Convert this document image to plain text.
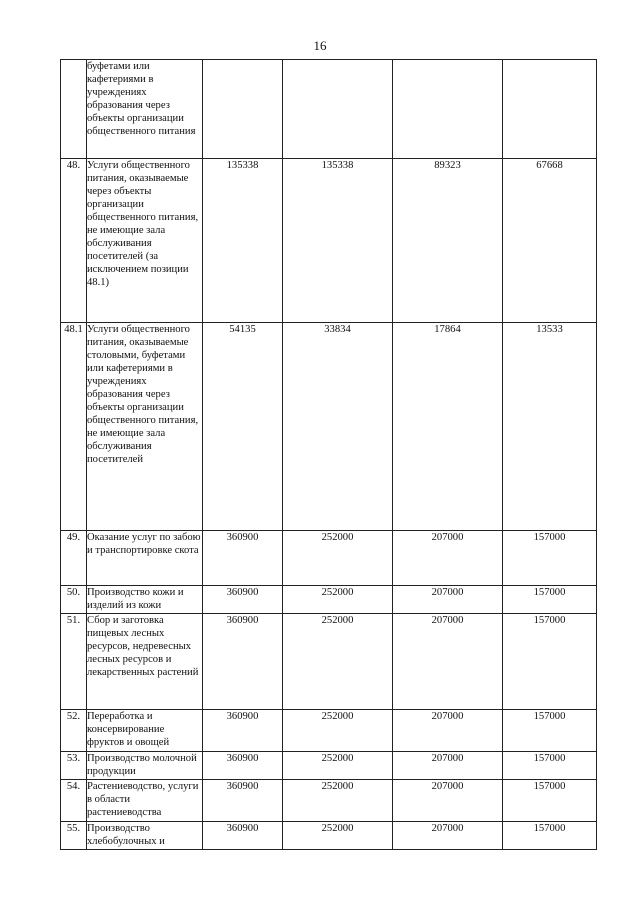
16
	буфетами или кафетериями в учреждениях образования через объекты организации общественного питания				
48.	Услуги общественного питания, оказываемые через объекты организации общественного питания, не имеющие зала обслуживания посетителей (за исключением позиции 48.1)	135338	135338	89323	67668
48.1	Услуги общественного питания, оказываемые столовыми, буфетами или кафетериями в учреждениях образования через объекты организации общественного питания, не имеющие зала обслуживания посетителей	54135	33834	17864	13533
49.	Оказание услуг по забою и транспортировке скота	360900	252000	207000	157000
50.	Производство кожи и изделий из кожи	360900	252000	207000	157000
51.	Сбор и заготовка пищевых лесных ресурсов, недревесных лесных ресурсов и лекарственных растений	360900	252000	207000	157000
52.	Переработка и консервирование фруктов и овощей	360900	252000	207000	157000
53.	Производство молочной продукции	360900	252000	207000	157000
54.	Растениеводство, услуги в области растениеводства	360900	252000	207000	157000
55.	Производство хлебобулочных и	360900	252000	207000	157000
